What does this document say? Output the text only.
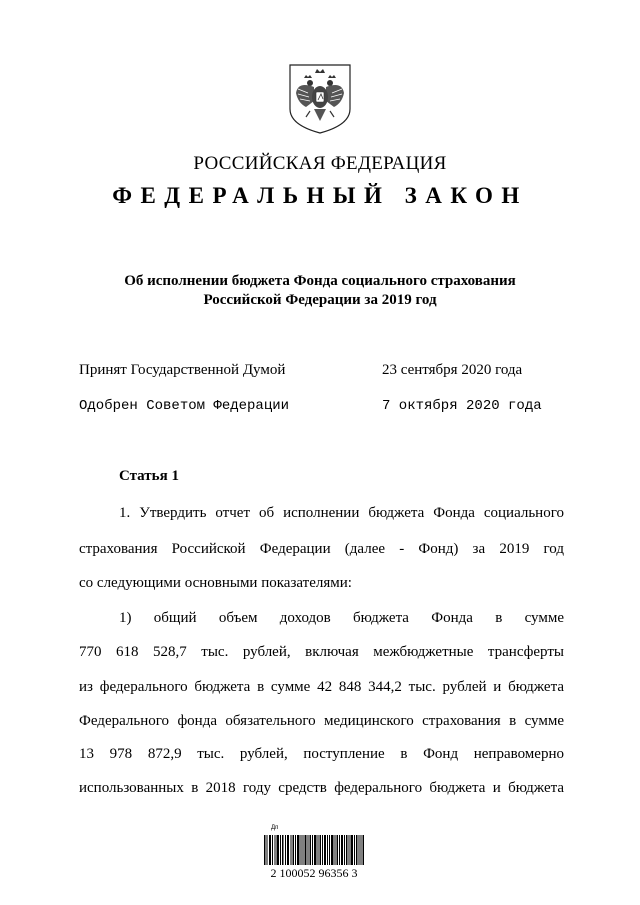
РОССИЙСКАЯ ФЕДЕРАЦИЯ
ФЕДЕРАЛЬНЫЙ ЗАКОН
Об исполнении бюджета Фонда социального страхования
Российской Федерации за 2019 год
Принят Государственной Думой	23 сентября 2020 года
Одобрен Советом Федерации	7 октября 2020 года
Статья 1
1. Утвердить отчет об исполнении бюджета Фонда социального
страхования Российской Федерации (далее - Фонд) за 2019 год
со следующими основными показателями:
1) общий объем доходов бюджета Фонда в сумме
770 618 528,7 тыс. рублей, включая межбюджетные трансферты
из федерального бюджета в сумме 42 848 344,2 тыс. рублей и бюджета
Федерального фонда обязательного медицинского страхования в сумме
13 978 872,9 тыс. рублей, поступление в Фонд неправомерно
использованных в 2018 году средств федерального бюджета и бюджета
Дп
2 100052 96356 3
